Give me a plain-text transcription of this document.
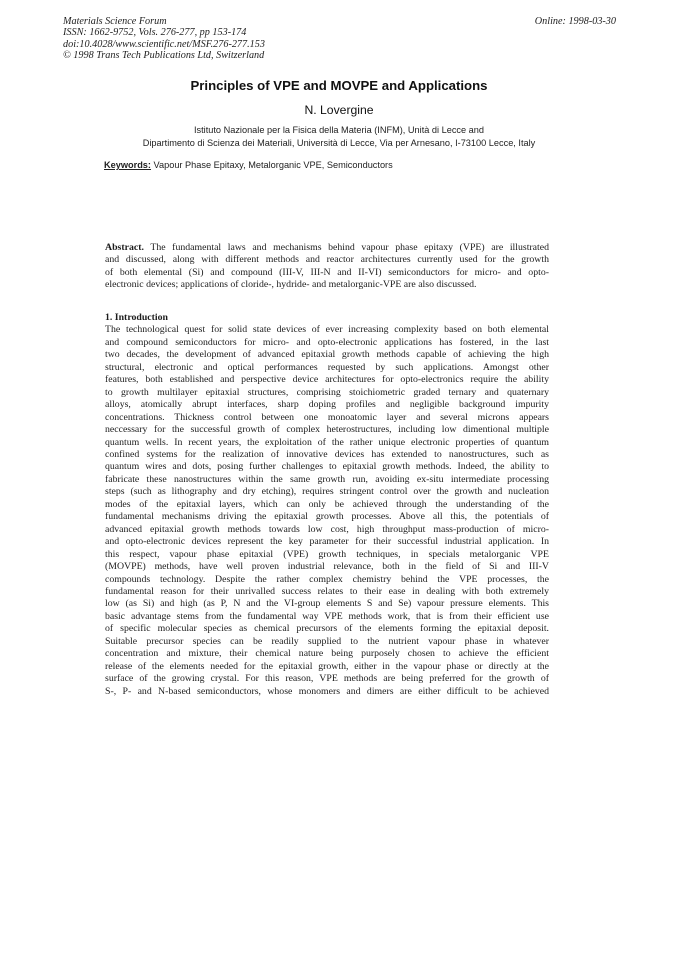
Materials Science Forum
ISSN: 1662-9752, Vols. 276-277, pp 153-174
doi:10.4028/www.scientific.net/MSF.276-277.153
© 1998 Trans Tech Publications Ltd, Switzerland
Online: 1998-03-30
Principles of VPE and MOVPE and Applications
N. Lovergine
Istituto Nazionale per la Fisica della Materia (INFM), Unità di Lecce and
Dipartimento di Scienza dei Materiali, Università di Lecce, Via per Arnesano, I-73100 Lecce, Italy
Keywords: Vapour Phase Epitaxy, Metalorganic VPE, Semiconductors
Abstract. The fundamental laws and mechanisms behind vapour phase epitaxy (VPE) are illustrated
and discussed, along with different methods and reactor architectures currently used for the growth
of both elemental (Si) and compound (III-V, III-N and II-VI) semiconductors for micro- and opto-
electronic devices; applications of cloride-, hydride- and metalorganic-VPE are also discussed.
1. Introduction
The technological quest for solid state devices of ever increasing complexity based on both elemental
and compound semiconductors for micro- and opto-electronic applications has fostered, in the last
two decades, the development of advanced epitaxial growth methods capable of achieving the high
structural, electronic and optical performances requested by such applications. Amongst other
features, both established and perspective device architectures for opto-electronics require the ability
to growth multilayer epitaxial structures, comprising stoichiometric graded ternary and quaternary
alloys, atomically abrupt interfaces, sharp doping profiles and negligible background impurity
concentrations. Thickness control between one monoatomic layer and several microns appears
neccessary for the successful growth of complex heterostructures, including low dimentional multiple
quantum wells. In recent years, the exploitation of the rather unique electronic properties of quantum
confined systems for the realization of innovative devices has extended to nanostructures, such as
quantum wires and dots, posing further challenges to epitaxial growth methods. Indeed, the ability to
fabricate these nanostructures within the same growth run, avoiding ex-situ intermediate processing
steps (such as lithography and dry etching), requires stringent control over the growth and nucleation
modes of the epitaxial layers, which can only be achieved through the understanding of the
fundamental mechanisms driving the epitaxial growth processes. Above all this, the potentials of
advanced epitaxial growth methods towards low cost, high throughput mass-production of micro-
and opto-electronic devices represent the key parameter for their successful industrial application. In
this respect, vapour phase epitaxial (VPE) growth techniques, in specials metalorganic VPE
(MOVPE) methods, have well proven industrial relevance, both in the field of Si and III-V
compounds technology. Despite the rather complex chemistry behind the VPE processes, the
fundamental reason for their unrivalled success relates to their ease in dealing with both extremely
low (as Si) and high (as P, N and the VI-group elements S and Se) vapour pressure elements. This
basic advantage stems from the fundamental way VPE methods work, that is from their efficient use
of specific molecular species as chemical precursors of the elements forming the epitaxial deposit.
Suitable precursor species can be readily supplied to the nutrient vapour phase in whatever
concentration and mixture, their chemical nature being purposely chosen to achieve the efficient
release of the elements needed for the epitaxial growth, either in the vapour phase or directly at the
surface of the growing crystal. For this reason, VPE methods are being preferred for the growth of
S-, P- and N-based semiconductors, whose monomers and dimers are either difficult to be achieved
